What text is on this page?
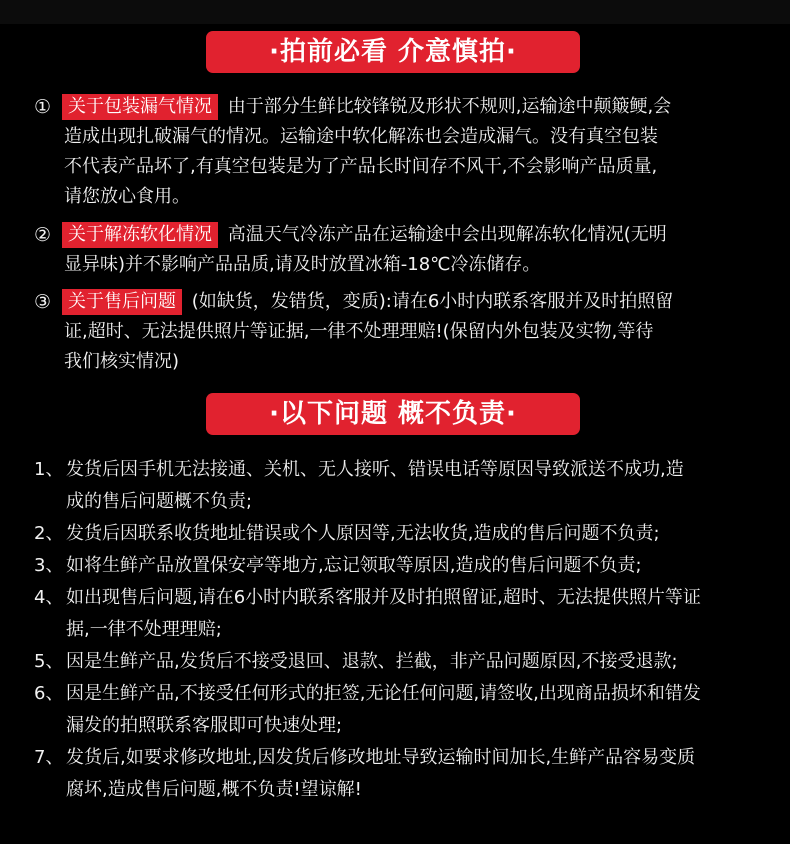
·拍前必看 介意慎拍·
① 关于包装漏气情况 由于部分生鲜比较锋锐及形状不规则,运输途中颠簸鲠,会
造成出现扎破漏气的情况。运输途中软化解冻也会造成漏气。没有真空包装
不代表产品坏了,有真空包装是为了产品长时间存不风干,不会影响产品质量,
请您放心食用。
② 关于解冻软化情况 高温天气冷冻产品在运输途中会出现解冻软化情况(无明
显异味)并不影响产品品质,请及时放置冰箱-18℃冷冻储存。
③ 关于售后问题 (如缺货，发错货，变质):请在6小时内联系客服并及时拍照留
证,超时、无法提供照片等证据,一律不处理理赔!(保留内外包装及实物,等待
我们核实情况)
·以下问题 概不负责·
1、 发货后因手机无法接通、关机、无人接听、错误电话等原因导致派送不成功,造
成的售后问题概不负责;
2、 发货后因联系收货地址错误或个人原因等,无法收货,造成的售后问题不负责;
3、 如将生鲜产品放置保安亭等地方,忘记领取等原因,造成的售后问题不负责;
4、 如出现售后问题,请在6小时内联系客服并及时拍照留证,超时、无法提供照片等证
据,一律不处理理赔;
5、 因是生鲜产品,发货后不接受退回、退款、拦截，非产品问题原因,不接受退款;
6、 因是生鲜产品,不接受任何形式的拒签,无论任何问题,请签收,出现商品损坏和错发
漏发的拍照联系客服即可快速处理;
7、 发货后,如要求修改地址,因发货后修改地址导致运输时间加长,生鲜产品容易变质
腐坏,造成售后问题,概不负责!望谅解!
